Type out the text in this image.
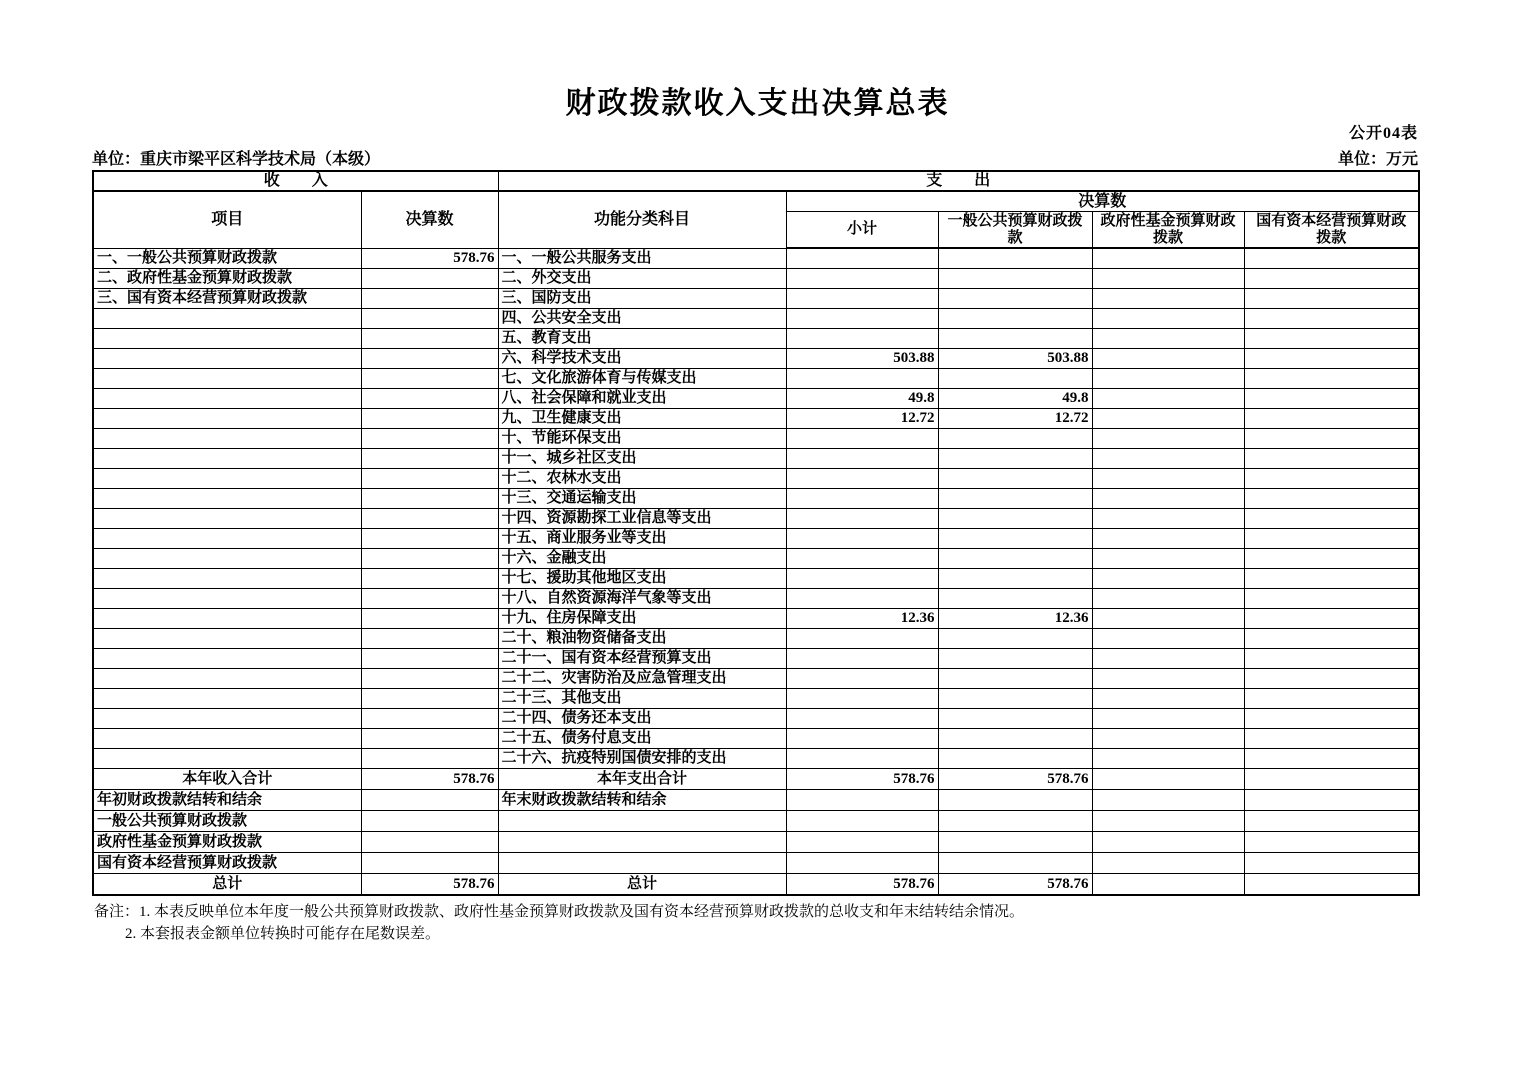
财政拨款收入支出决算总表
公开04表
单位：重庆市梁平区科学技术局（本级）	单位：万元
收　　入		支　　出				
项目	决算数	功能分类科目	决算数			
			小计	一般公共预算财政拨款	政府性基金预算财政拨款	国有资本经营预算财政拨款
一、一般公共预算财政拨款	578.76	一、一般公共服务支出				
二、政府性基金预算财政拨款		二、外交支出				
三、国有资本经营预算财政拨款		三、国防支出				
		四、公共安全支出				
		五、教育支出				
		六、科学技术支出	503.88	503.88		
		七、文化旅游体育与传媒支出				
		八、社会保障和就业支出	49.8	49.8		
		九、卫生健康支出	12.72	12.72		
		十、节能环保支出				
		十一、城乡社区支出				
		十二、农林水支出				
		十三、交通运输支出				
		十四、资源勘探工业信息等支出				
		十五、商业服务业等支出				
		十六、金融支出				
		十七、援助其他地区支出				
		十八、自然资源海洋气象等支出				
		十九、住房保障支出	12.36	12.36		
		二十、粮油物资储备支出				
		二十一、国有资本经营预算支出				
		二十二、灾害防治及应急管理支出				
		二十三、其他支出				
		二十四、债务还本支出				
		二十五、债务付息支出				
		二十六、抗疫特别国债安排的支出				
本年收入合计	578.76	本年支出合计	578.76	578.76		
年初财政拨款结转和结余		年末财政拨款结转和结余				
一般公共预算财政拨款						
政府性基金预算财政拨款						
国有资本经营预算财政拨款						
总计	578.76	总计	578.76	578.76		
备注：1. 本表反映单位本年度一般公共预算财政拨款、政府性基金预算财政拨款及国有资本经营预算财政拨款的总收支和年末结转结余情况。
2. 本套报表金额单位转换时可能存在尾数误差。
